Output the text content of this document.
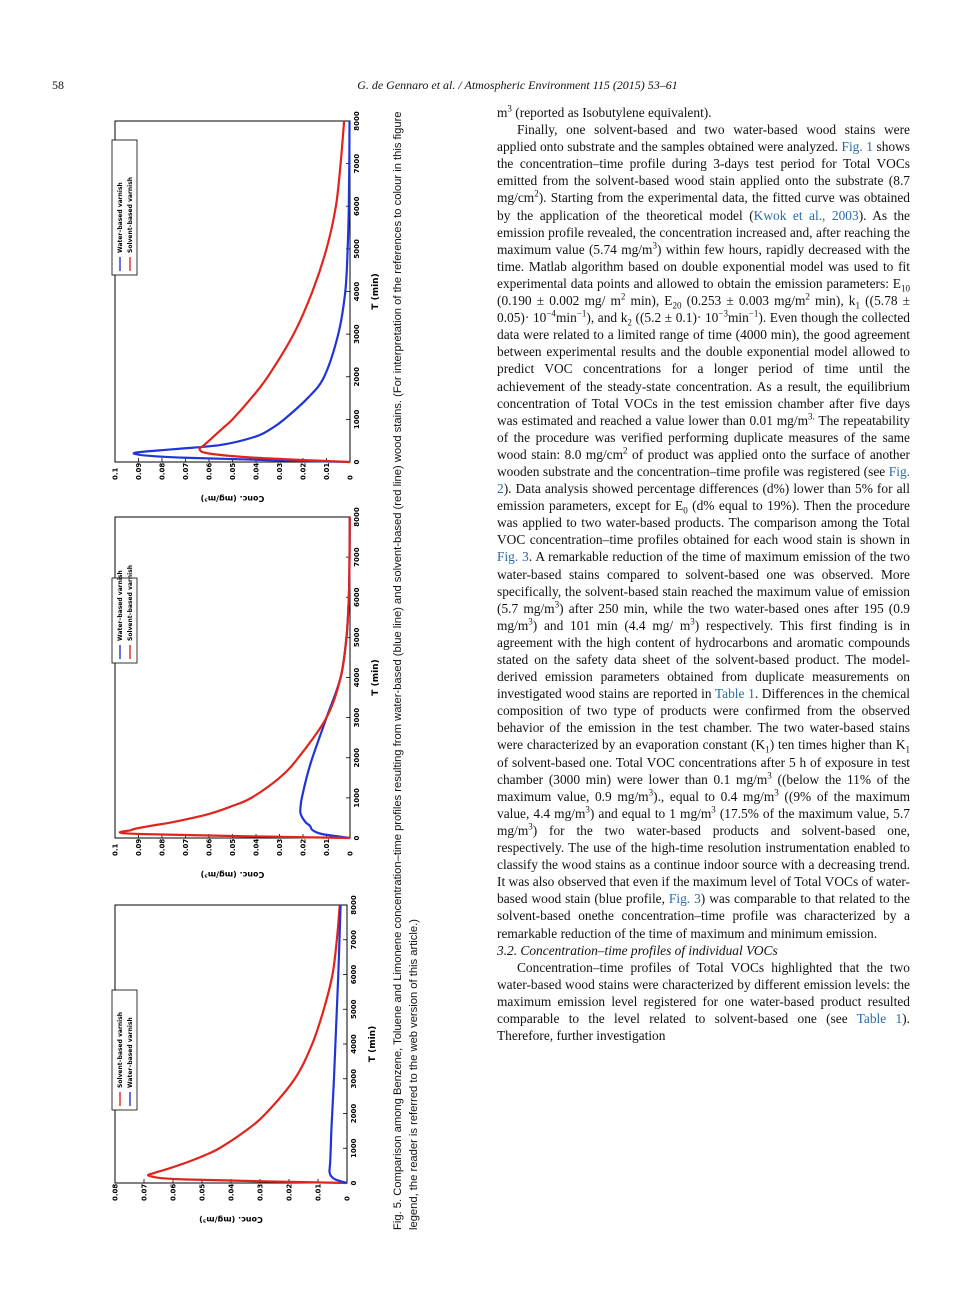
58	G. de Gennaro et al. / Atmospheric Environment 115 (2015) 53–61
0
1000
2000
3000
4000
5000
6000
7000
8000
0
0.01
0.02
0.03
0.04
0.05
0.06
0.07
0.08
T (min)
Conc. (mg/m³)
Solvent–based varnish Water–based varnish
0
1000
2000
3000
4000
5000
6000
7000
8000
0
0.01
0.02
0.03
0.04
0.05
0.06
0.07
0.08
0.09
0.1
T (min)
Conc. (mg/m³)
Water–based varnish Solvent–based varnish
0
1000
2000
3000
4000
5000
6000
7000
8000
0
0.01
0.02
0.03
0.04
0.05
0.06
0.07
0.08
0.09
0.1
T (min)
Conc. (mg/m³)
Water–based varnish Solvent–based varnish
Fig. 5. Comparison among Benzene, Toluene and Limonene concentration–time profiles resulting from water-based (blue line) and solvent-based (red line) wood stains. (For interpretation of the references to colour in this figure legend, the reader is referred to the web version of this article.)

$m^3$ (reported as Isobutylene equivalent).

Finally, one solvent-based and two water-based wood stains were applied onto substrate and the samples obtained were analyzed. Fig. 1 shows the concentration–time profile during 3-days test period for Total VOCs emitted from the solvent-based wood stain applied onto the substrate (8.7 $mg/cm^2$). Starting from the experimental data, the fitted curve was obtained by the application of the theoretical model (Kwok et al., 2003). As the emission profile revealed, the concentration increased and, after reaching the maximum value (5.74 $mg/m^3$) within few hours, rapidly decreased with the time. Matlab algorithm based on double exponential model was used to fit experimental data points and allowed to obtain the emission parameters: $E_{10}$ (0.190 ± 0.002 mg/ $m^2$ min), $E_{20}$ (0.253 ± 0.003 $mg/m^2$ min), $k_1$ $((5.78 \pm 0.05)\cdot 10^{-4}\min^{-1})$, and $k_2$ $((5.2 \pm 0.1)\cdot 10^{-3}\min^{-1})$. Even though the collected data were related to a limited range of time (4000 min), the good agreement between experimental results and the double exponential model allowed to predict VOC concentrations for a longer period of time until the achievement of the steady-state concentration. As a result, the equilibrium concentration of Total VOCs in the test emission chamber after five days was estimated and reached a value lower than 0.01 $mg/m^{3.}$ The repeatability of the procedure was verified performing duplicate measures of the same wood stain: 8.0 $mg/cm^2$ of product was applied onto the surface of another wooden substrate and the concentration–time profile was registered (see Fig. 2). Data analysis showed percentage differences (d%) lower than 5% for all emission parameters, except for $E_0$ (d% equal to 19%). Then the procedure was applied to two water-based products. The comparison among the Total VOC concentration–time profiles obtained for each wood stain is shown in Fig. 3. A remarkable reduction of the time of maximum emission of the two water-based stains compared to solvent-based one was observed. More specifically, the solvent-based stain reached the maximum value of emission (5.7 $mg/m^3$) after 250 min, while the two water-based ones after 195 (0.9 $mg/m^3$) and 101 min (4.4 mg/ $m^3$) respectively. This first finding is in agreement with the high content of hydrocarbons and aromatic compounds stated on the safety data sheet of the solvent-based product. The model-derived emission parameters obtained from duplicate measurements on investigated wood stains are reported in Table 1. Differences in the chemical composition of two type of products were confirmed from the observed behavior of the emission in the test chamber. The two water-based stains were characterized by an evaporation constant $(K_1)$ ten times higher than $K_1$ of solvent-based one. Total VOC concentrations after 5 h of exposure in test chamber (3000 min) were lower than 0.1 $mg/m^3$ ((below the 11% of the maximum value, 0.9 $mg/m^3$)., equal to 0.4 $mg/m^3$ ((9% of the maximum value, 4.4 $mg/m^3$) and equal to 1 $mg/m^3$ (17.5% of the maximum value, 5.7 $mg/m^3$) for the two water-based products and solvent-based one, respectively. The use of the high-time resolution instrumentation enabled to classify the wood stains as a continue indoor source with a decreasing trend. It was also observed that even if the maximum level of Total VOCs of water-based wood stain (blue profile, Fig. 3) was comparable to that related to the solvent-based onethe concentration–time profile was characterized by a remarkable reduction of the time of maximum and minimum emission.

3.2. Concentration–time profiles of individual VOCs

Concentration–time profiles of Total VOCs highlighted that the two water-based wood stains were characterized by different emission levels: the maximum emission level registered for one water-based product resulted comparable to the level related to solvent-based one (see Table 1). Therefore, further investigation
